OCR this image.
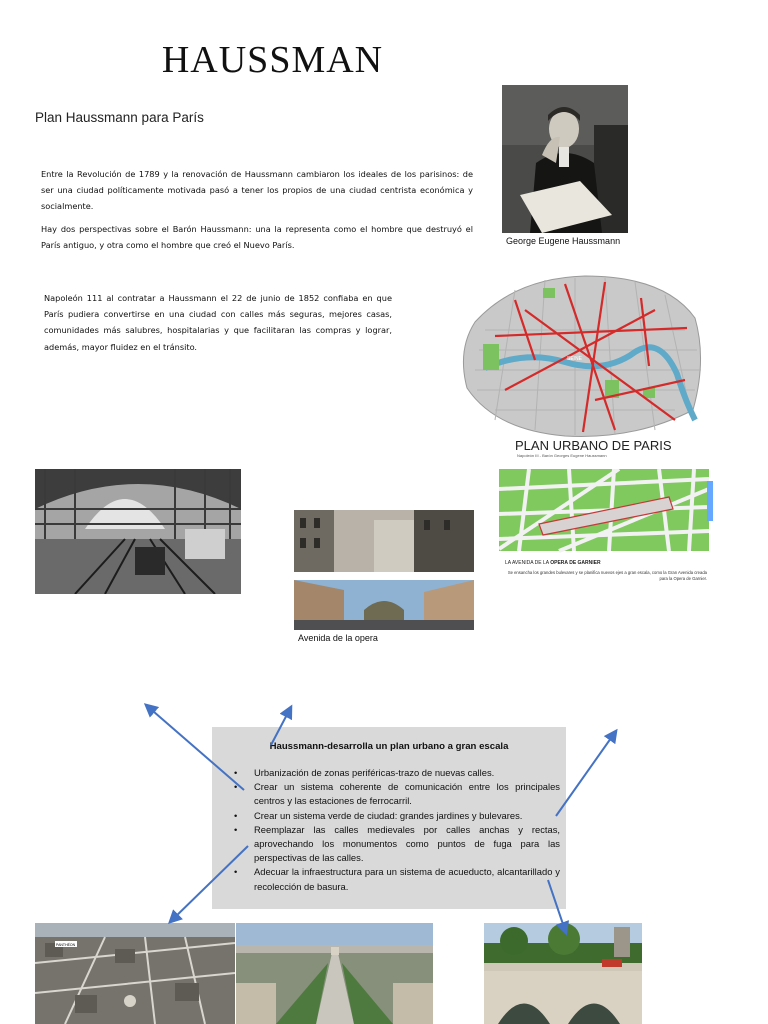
HAUSSMAN
Plan Haussmann para París
Entre la Revolución de 1789 y la renovación de Haussmann cambiaron los ideales de los parisinos: de ser una ciudad políticamente motivada pasó a tener los propios de una ciudad centrista económica y socialmente.
Hay dos perspectivas sobre el Barón Haussmann: una la representa como el hombre que destruyó el París antiguo, y otra como el hombre que creó el Nuevo París.
Napoleón 111 al contratar a Haussmann el 22 de junio de 1852 confiaba en que París pudiera convertirse en una ciudad con calles más seguras, mejores casas, comunidades más salubres, hospitalarias y que facilitaran las compras y lograr, además, mayor fluidez en el tránsito.
George Eugene Haussmann
SEINE
PLAN URBANO DE PARIS
Napoleón III - Barón Georges Eugene Haussmann
LA AVENIDA DE LA OPERA DE GARNIER
Se ensancha los grandes bulevares y se planifica nuevos ejes a gran escala, como la Gran Avenida creada para la Opera de Garnier.
Avenida de la opera
Haussmann-desarrolla un plan urbano a gran escala
• Urbanización de zonas periféricas-trazo de nuevas calles.
• Crear un sistema coherente de comunicación entre los principales centros y las estaciones de ferrocarril.
• Crear un sistema verde de ciudad: grandes jardines y bulevares.
• Reemplazar las calles medievales por calles anchas y rectas, aprovechando los monumentos como puntos de fuga para las perspectivas de las calles.
• Adecuar la infraestructura para un sistema de acueducto, alcantarillado y recolección de basura.
PANTHÉON
